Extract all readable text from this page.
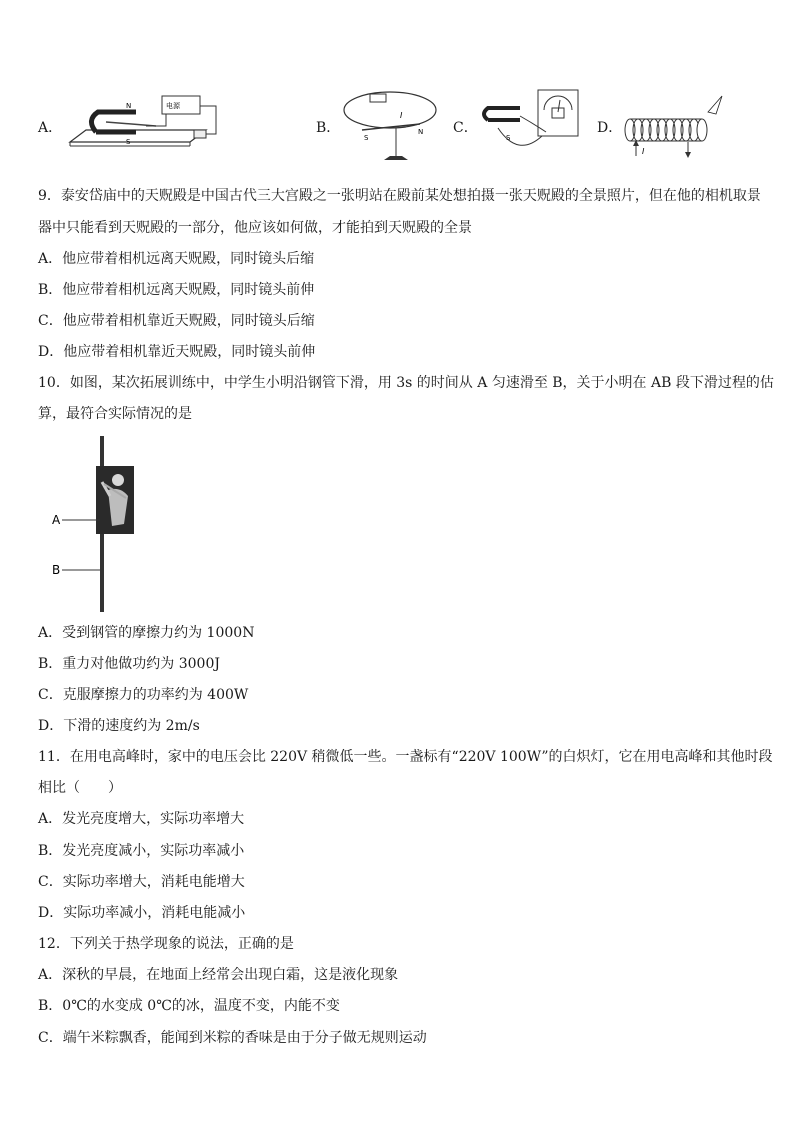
A．
电源
N
S
B．
I
S
N C．
S
D．
I
9．泰安岱庙中的天贶殿是中国古代三大宫殿之一张明站在殿前某处想拍摄一张天贶殿的全景照片，但在他的相机取景
器中只能看到天贶殿的一部分，他应该如何做，才能拍到天贶殿的全景
A．他应带着相机远离天贶殿，同时镜头后缩
B．他应带着相机远离天贶殿，同时镜头前伸
C．他应带着相机靠近天贶殿，同时镜头后缩
D．他应带着相机靠近天贶殿，同时镜头前伸
10．如图，某次拓展训练中，中学生小明沿钢管下滑，用 3s 的时间从 A 匀速滑至 B，关于小明在 AB 段下滑过程的估
算，最符合实际情况的是
A
B
A．受到钢管的摩擦力约为 1000N
B．重力对他做功约为 3000J
C．克服摩擦力的功率约为 400W
D．下滑的速度约为 2m/s
11．在用电高峰时，家中的电压会比 220V 稍微低一些。一盏标有“220V 100W”的白炽灯，它在用电高峰和其他时段
相比（　　）
A．发光亮度增大，实际功率增大
B．发光亮度减小，实际功率减小
C．实际功率增大，消耗电能增大
D．实际功率减小，消耗电能减小
12．下列关于热学现象的说法，正确的是
A．深秋的早晨，在地面上经常会出现白霜，这是液化现象
B．0℃的水变成 0℃的冰，温度不变，内能不变
C．端午米粽飘香，能闻到米粽的香味是由于分子做无规则运动
